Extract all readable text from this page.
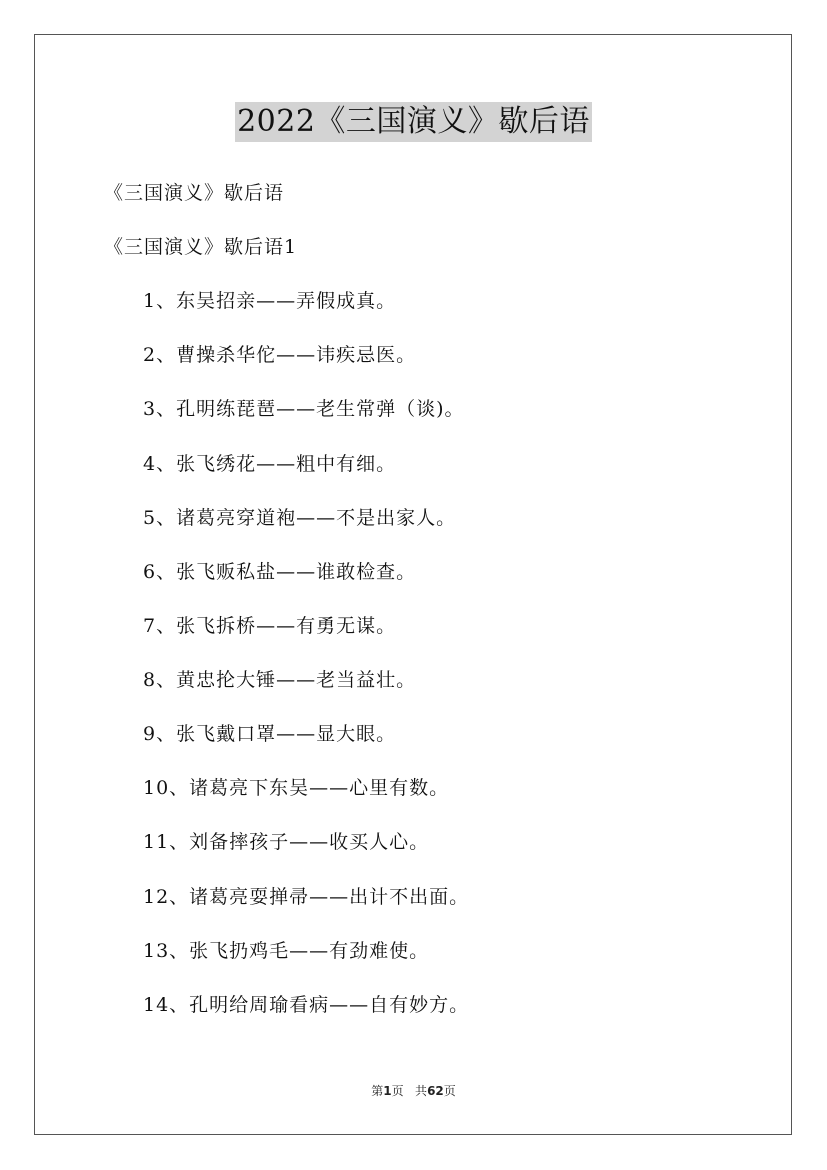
2022《三国演义》歇后语
《三国演义》歇后语
《三国演义》歇后语1
1、东吴招亲——弄假成真。
2、曹操杀华佗——讳疾忌医。
3、孔明练琵琶——老生常弹（谈)。
4、张飞绣花——粗中有细。
5、诸葛亮穿道袍——不是出家人。
6、张飞贩私盐——谁敢检查。
7、张飞拆桥——有勇无谋。
8、黄忠抡大锤——老当益壮。
9、张飞戴口罩——显大眼。
10、诸葛亮下东吴——心里有数。
11、刘备摔孩子——收买人心。
12、诸葛亮耍掸帚——出计不出面。
13、张飞扔鸡毛——有劲难使。
14、孔明给周瑜看病——自有妙方。
第1页 共62页
